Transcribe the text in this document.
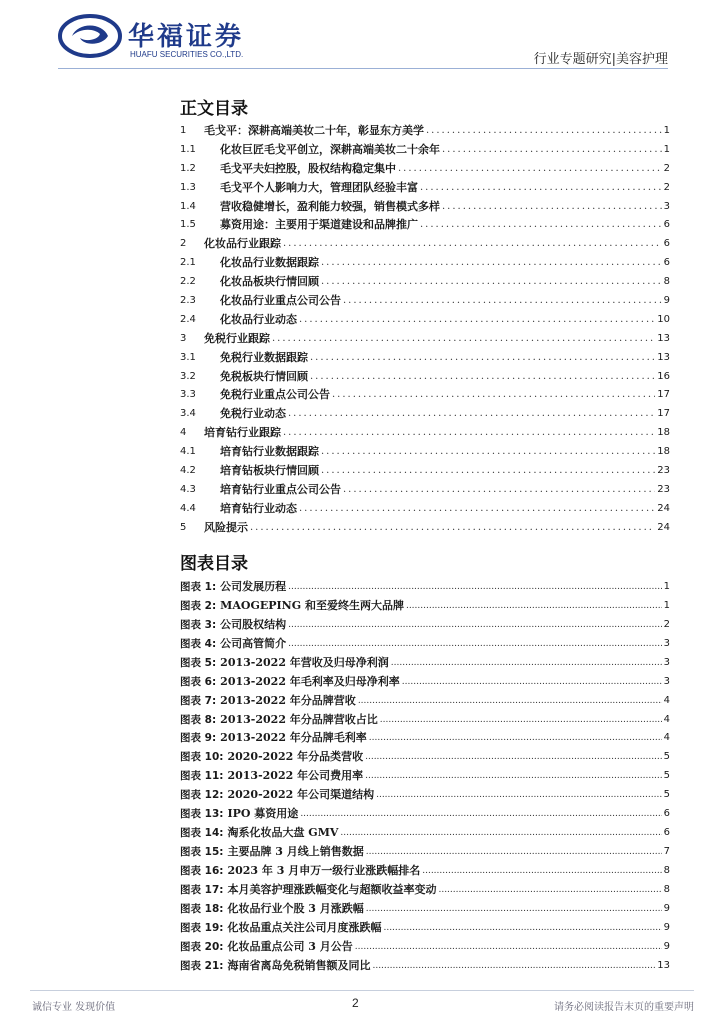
华福证券
HUAFU SECURITIES CO.,LTD.	行业专题研究|美容护理
正文目录
1	毛戈平：深耕高端美妆二十年，彰显东方美学 .....	1
1.1	化妆巨匠毛戈平创立，深耕高端美妆二十余年 .....	1
1.2	毛戈平夫妇控股，股权结构稳定集中 .....	2
1.3	毛戈平个人影响力大，管理团队经验丰富 .....	2
1.4	营收稳健增长，盈利能力较强，销售模式多样 .....	3
1.5	募资用途：主要用于渠道建设和品牌推广 .....	6
2	化妆品行业跟踪 .....	6
2.1	化妆品行业数据跟踪 .....	6
2.2	化妆品板块行情回顾 .....	8
2.3	化妆品行业重点公司公告 .....	9
2.4	化妆品行业动态 .....	10
3	免税行业跟踪 .....	13
3.1	免税行业数据跟踪 .....	13
3.2	免税板块行情回顾 .....	16
3.3	免税行业重点公司公告 .....	17
3.4	免税行业动态 .....	17
4	培育钻行业跟踪 .....	18
4.1	培育钻行业数据跟踪 .....	18
4.2	培育钻板块行情回顾 .....	23
4.3	培育钻行业重点公司公告 .....	23
4.4	培育钻行业动态 .....	24
5	风险提示 .....	24
图表目录
图表 1: 公司发展历程 .....	1
图表 2: MAOGEPING 和至爱终生两大品牌 .....	1
图表 3: 公司股权结构 .....	2
图表 4: 公司高管简介 .....	3
图表 5: 2013-2022 年营收及归母净利润 .....	3
图表 6: 2013-2022 年毛利率及归母净利率 .....	3
图表 7: 2013-2022 年分品牌营收 .....	4
图表 8: 2013-2022 年分品牌营收占比 .....	4
图表 9: 2013-2022 年分品牌毛利率 .....	4
图表 10: 2020-2022 年分品类营收 .....	5
图表 11: 2013-2022 年公司费用率 .....	5
图表 12: 2020-2022 年公司渠道结构 .....	5
图表 13: IPO 募资用途 .....	6
图表 14: 淘系化妆品大盘 GMV .....	6
图表 15: 主要品牌 3 月线上销售数据 .....	7
图表 16: 2023 年 3 月申万一级行业涨跌幅排名 .....	8
图表 17: 本月美容护理涨跌幅变化与超额收益率变动 .....	8
图表 18: 化妆品行业个股 3 月涨跌幅 .....	9
图表 19: 化妆品重点关注公司月度涨跌幅 .....	9
图表 20: 化妆品重点公司 3 月公告 .....	9
图表 21: 海南省离岛免税销售额及同比 .....	13
诚信专业 发现价值	2	请务必阅读报告末页的重要声明
